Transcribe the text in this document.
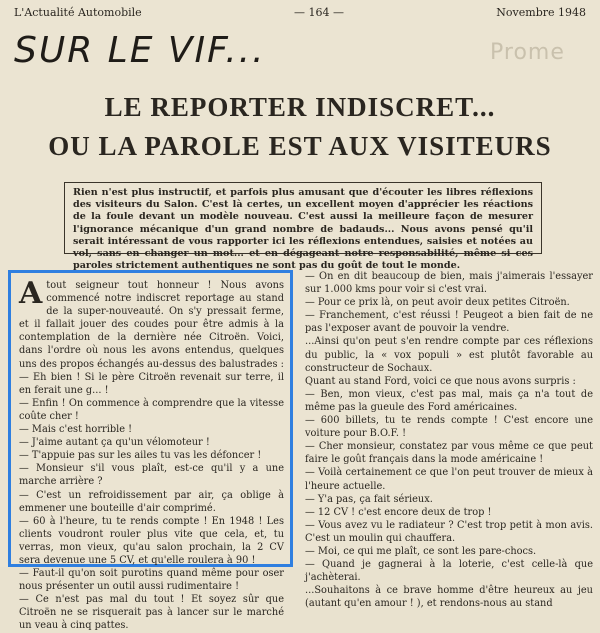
L'Actualité Automobile	— 164 —	Novembre 1948
SUR LE VIF...	Prome
LE REPORTER INDISCRET...
OU LA PAROLE EST AUX VISITEURS
Rien n'est plus instructif, et parfois plus amusant que d'écouter les libres réflexions des visiteurs du Salon. C'est là certes, un excellent moyen d'apprécier les réactions de la foule devant un modèle nouveau. C'est aussi la meilleure façon de mesurer l'ignorance mécanique d'un grand nombre de badauds... Nous avons pensé qu'il serait intéressant de vous rapporter ici les réflexions entendues, saisies et notées au vol, sans en changer un mot... et en dégageant notre responsabilité, même si ces paroles strictement authentiques ne sont pas du goût de tout le monde.

Atout seigneur tout honneur ! Nous avons commencé notre indiscret reportage au stand de la super-nouveauté. On s'y pressait ferme, et il fallait jouer des coudes pour être admis à la contemplation de la dernière née Citroën. Voici, dans l'ordre où nous les avons entendus, quelques uns des propos échangés au-dessus des balustrades :

— Eh bien ! Si le père Citroën revenait sur terre, il en ferait une g... !

— Enfin ! On commence à comprendre que la vitesse coûte cher !

— Mais c'est horrible !

— J'aime autant ça qu'un vélomoteur !

— T'appuie pas sur les ailes tu vas les défoncer !

— Monsieur s'il vous plaît, est-ce qu'il y a une marche arrière ?

— C'est un refroidissement par air, ça oblige à emmener une bouteille d'air comprimé.

— 60 à l'heure, tu te rends compte ! En 1948 ! Les clients voudront rouler plus vite que cela, et, tu verras, mon vieux, qu'au salon prochain, la 2 CV sera devenue une 5 CV, et qu'elle roulera à 90 !

— Faut-il qu'on soit purotins quand même pour oser nous présenter un outil aussi rudimentaire !

— Ce n'est pas mal du tout ! Et soyez sûr que Citroën ne se risquerait pas à lancer sur le marché un veau à cinq pattes.

— On en dit beaucoup de bien, mais j'aimerais l'essayer sur 1.000 kms pour voir si c'est vrai.

— Pour ce prix là, on peut avoir deux petites Citroën.

— Franchement, c'est réussi ! Peugeot a bien fait de ne pas l'exposer avant de pouvoir la vendre.

...Ainsi qu'on peut s'en rendre compte par ces réflexions du public, la « vox populi » est plutôt favorable au constructeur de Sochaux.

Quant au stand Ford, voici ce que nous avons surpris :

— Ben, mon vieux, c'est pas mal, mais ça n'a tout de même pas la gueule des Ford américaines.

— 600 billets, tu te rends compte ! C'est encore une voiture pour B.O.F. !

— Cher monsieur, constatez par vous même ce que peut faire le goût français dans la mode américaine !

— Voilà certainement ce que l'on peut trouver de mieux à l'heure actuelle.

— Y'a pas, ça fait sérieux.

— 12 CV ! c'est encore deux de trop !

— Vous avez vu le radiateur ? C'est trop petit à mon avis. C'est un moulin qui chauffera.

— Moi, ce qui me plaît, ce sont les pare-chocs.

— Quand je gagnerai à la loterie, c'est celle-là que j'achèterai.

...Souhaitons à ce brave homme d'être heureux au jeu (autant qu'en amour ! ), et rendons-nous au stand
